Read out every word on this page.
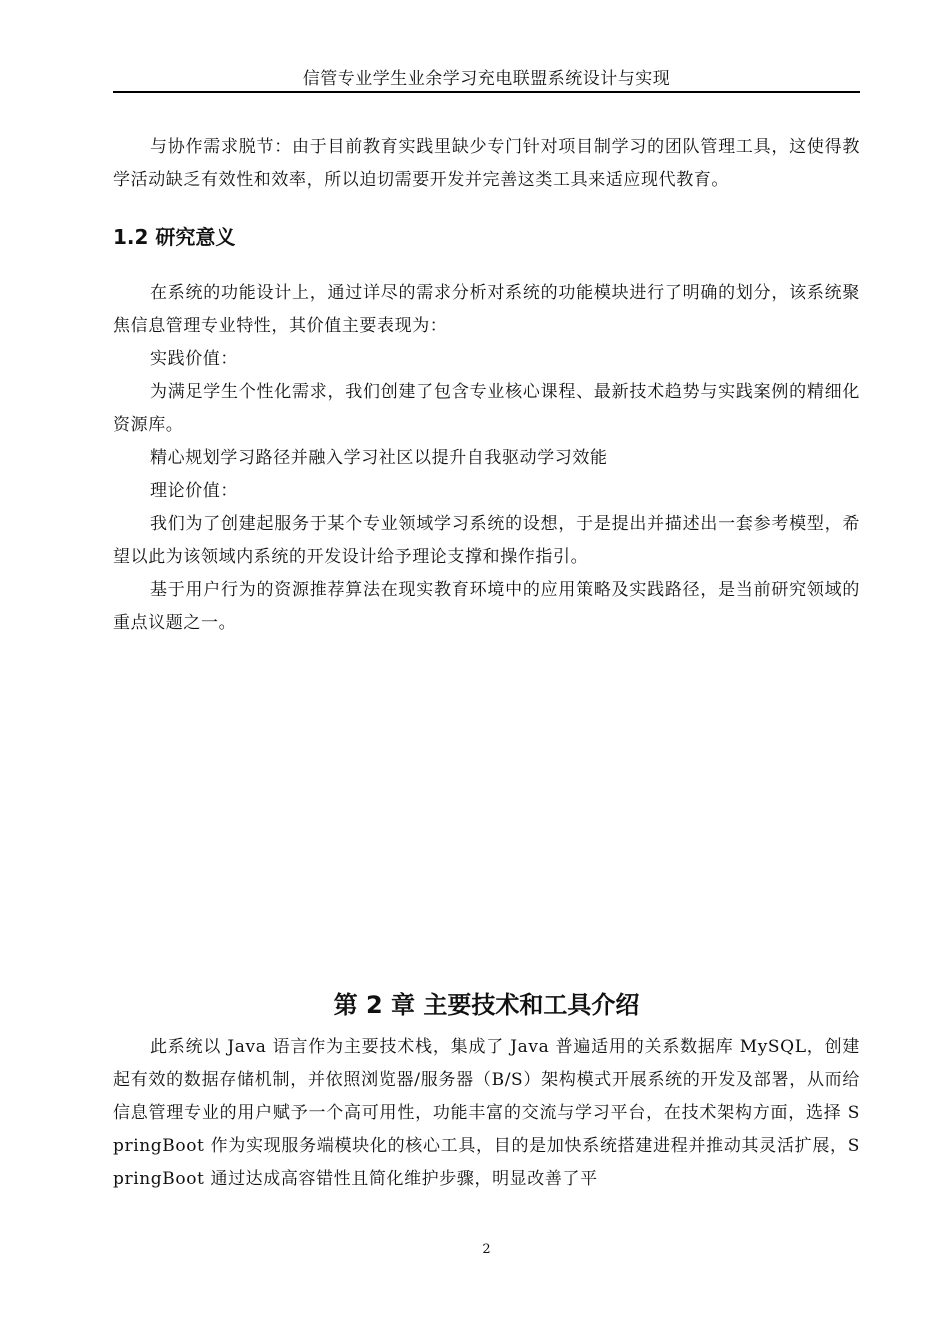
信管专业学生业余学习充电联盟系统设计与实现
与协作需求脱节：由于目前教育实践里缺少专门针对项目制学习的团队管理工具，这使得教学活动缺乏有效性和效率，所以迫切需要开发并完善这类工具来适应现代教育。
1.2 研究意义
在系统的功能设计上，通过详尽的需求分析对系统的功能模块进行了明确的划分，该系统聚焦信息管理专业特性，其价值主要表现为：
实践价值：
为满足学生个性化需求，我们创建了包含专业核心课程、最新技术趋势与实践案例的精细化资源库。
精心规划学习路径并融入学习社区以提升自我驱动学习效能
理论价值：
我们为了创建起服务于某个专业领域学习系统的设想，于是提出并描述出一套参考模型，希望以此为该领域内系统的开发设计给予理论支撑和操作指引。
基于用户行为的资源推荐算法在现实教育环境中的应用策略及实践路径，是当前研究领域的重点议题之一。
第 2 章 主要技术和工具介绍
此系统以 Java 语言作为主要技术栈，集成了 Java 普遍适用的关系数据库 MySQL，创建起有效的数据存储机制，并依照浏览器/服务器（B/S）架构模式开展系统的开发及部署，从而给信息管理专业的用户赋予一个高可用性，功能丰富的交流与学习平台，在技术架构方面，选择 SpringBoot 作为实现服务端模块化的核心工具，目的是加快系统搭建进程并推动其灵活扩展，SpringBoot 通过达成高容错性且简化维护步骤，明显改善了平
2
